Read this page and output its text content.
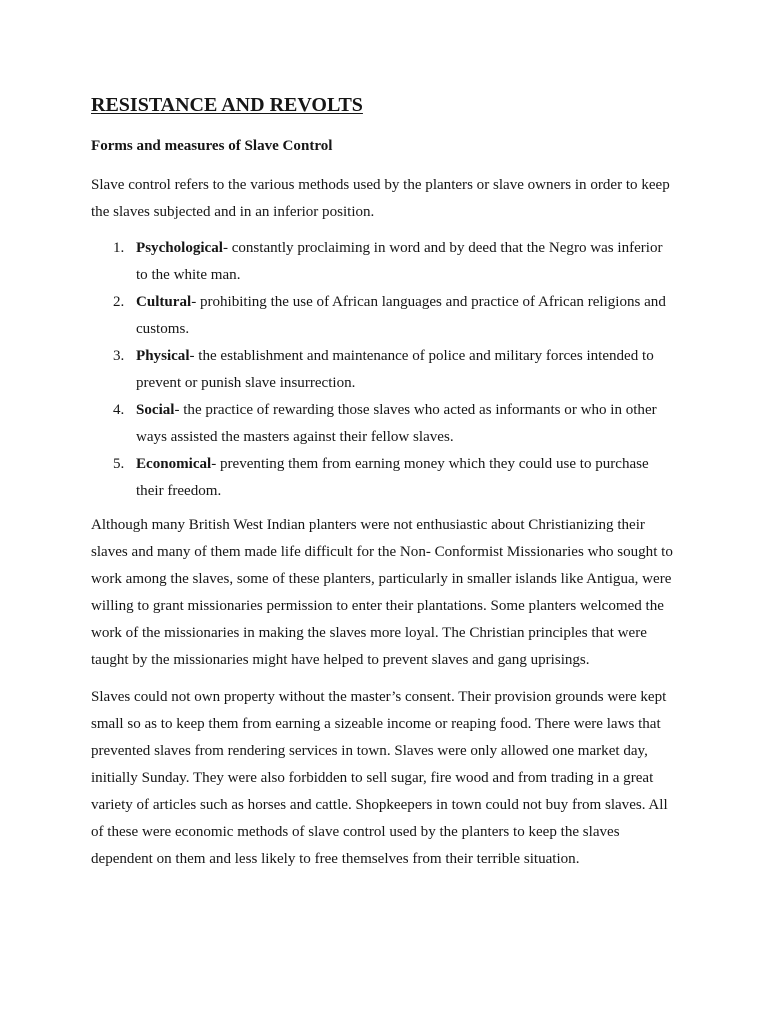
RESISTANCE AND REVOLTS
Forms and measures of Slave Control

Slave control refers to the various methods used by the planters or slave owners in order to keep the slaves subjected and in an inferior position.

1. Psychological- constantly proclaiming in word and by deed that the Negro was inferior to the white man.
2. Cultural- prohibiting the use of African languages and practice of African religions and customs.
3. Physical- the establishment and maintenance of police and military forces intended to prevent or punish slave insurrection.
4. Social- the practice of rewarding those slaves who acted as informants or who in other ways assisted the masters against their fellow slaves.
5. Economical- preventing them from earning money which they could use to purchase their freedom.

Although many British West Indian planters were not enthusiastic about Christianizing their slaves and many of them made life difficult for the Non- Conformist Missionaries who sought to work among the slaves, some of these planters, particularly in smaller islands like Antigua, were willing to grant missionaries permission to enter their plantations. Some planters welcomed the work of the missionaries in making the slaves more loyal. The Christian principles that were taught by the missionaries might have helped to prevent slaves and gang uprisings.

Slaves could not own property without the master’s consent. Their provision grounds were kept small so as to keep them from earning a sizeable income or reaping food. There were laws that prevented slaves from rendering services in town. Slaves were only allowed one market day, initially Sunday. They were also forbidden to sell sugar, fire wood and from trading in a great variety of articles such as horses and cattle. Shopkeepers in town could not buy from slaves. All of these were economic methods of slave control used by the planters to keep the slaves dependent on them and less likely to free themselves from their terrible situation.
